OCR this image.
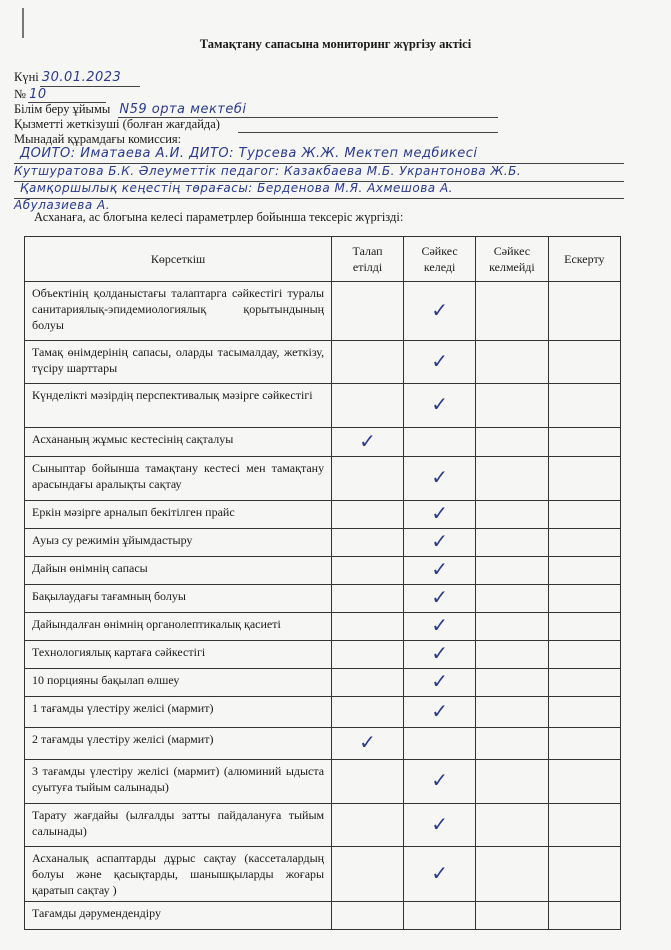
Тамақтану сапасына мониторинг жүргізу актісі
Күні 30.01.2023
№ 10
Білім беру ұйымы N59 орта мектебі
Қызметті жеткізуші (болған жағдайда)
Мынадай құрамдағы комиссия:
ДОИТО: Иматаева А.И. ДИТО: Турсева Ж.Ж. Мектеп медбикесі
Кутшуратова Б.К. Әлеуметтік педагог: Казакбаева М.Б. Укрантонова Ж.Б.
Қамқоршылық кеңестің төрағасы: Берденова М.Я. Ахмешова А.
Абулазиева А.
Асханаға, ас блогына келесі параметрлер бойынша тексеріс жүргізді:
Көрсеткіш	Талап етілді	Сәйкес келеді	Сәйкес келмейді	Ескерту
Объектінің қолданыстағы талаптарга сәйкестігі туралы санитариялық-эпидемиологиялық қорытындының болуы		✓		
Тамақ өнімдерінің сапасы, оларды тасымалдау, жеткізу, түсіру шарттары		✓		
Күнделікті мәзірдің перспективалық мәзірге сәйкестігі		✓		
Асхананың жұмыс кестесінің сақталуы	✓			
Сыныптар бойынша тамақтану кестесі мен тамақтану арасындағы аралықты сақтау		✓		
Еркін мәзірге арналып бекітілген прайс		✓		
Ауыз су режимін ұйымдастыру		✓		
Дайын өнімнің сапасы		✓		
Бақылаудағы тағамның болуы		✓		
Дайындалған өнімнің органолептикалық қасиеті		✓		
Технологиялық картаға сәйкестігі		✓		
10 порцияны бақылап өлшеу		✓		
1 тағамды үлестіру желісі (мармит)		✓		
2 тағамды үлестіру желісі (мармит)	✓			
3 тағамды үлестіру желісі (мармит) (алюминий ыдыста суытуға тыйым салынады)		✓		
Тарату жағдайы (ылғалды затты пайдалануға тыйым салынады)		✓		
Асханалық аспаптарды дұрыс сақтау (кассеталардың болуы және қасықтарды, шанышқыларды жоғары қаратып сақтау )		✓		
Тағамды дәрумендендіру				
